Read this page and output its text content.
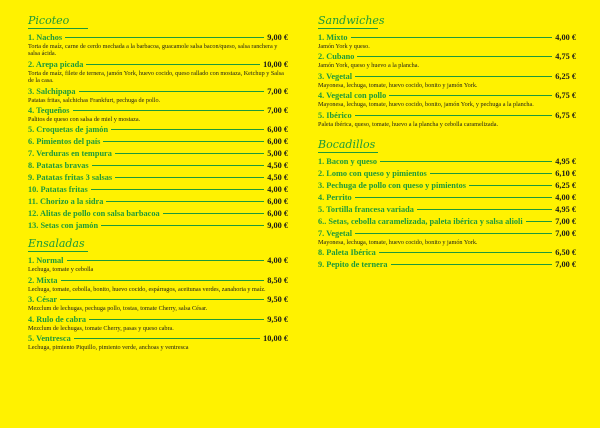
Picoteo
1. Nachos	9,00 €
Torta de maíz, carne de cerdo mechada a la barbacoa, guacamole salsa bacon/queso, salsa ranchera y salsa ácida.
2. Arepa picada	10,00 €
Torta de maíz, filete de ternera, jamón York, huevo cocido, queso rallado con mostaza, Ketchup y Salsa de la casa.
3. Salchipapa	7,00 €
Patatas fritas, salchichas Frankfurt, pechuga de pollo.
4. Tequeños	7,00 €
Palitos de queso con salsa de miel y mostaza.
5. Croquetas de jamón	6,00 €
6. Pimientos del país	6,00 €
7. Verduras en tempura	5,00 €
8. Patatas bravas	4,50 €
9. Patatas fritas 3 salsas	4,50 €
10. Patatas fritas	4,00 €
11. Chorizo a la sidra	6,00 €
12. Alitas de pollo con salsa barbacoa	6,00 €
13. Setas con jamón	9,00 €
Ensaladas
1. Normal	4,00 €
Lechuga, tomate y cebolla
2. Mixta	8,50 €
Lechuga, tomate, cebolla, bonito, huevo cocido, espárragos, aceitunas verdes, zanahoria y maíz.
3. César	9,50 €
Mezclum de lechugas, pechuga pollo, tostas, tomate Cherry, salsa César.
4. Rulo de cabra	9,50 €
Mezclum de lechugas, tomate Cherry, pasas y queso cabra.
5. Ventresca	10,00 €
Lechuga, pimiento Piquillo, pimiento verde, anchoas y ventresca
Sandwiches
1. Mixto	4,00 €
Jamón York y queso.
2. Cubano	4,75 €
Jamón York, queso y huevo a la plancha.
3. Vegetal	6,25 €
Mayonesa, lechuga, tomate, huevo cocido, bonito y jamón York.
4. Vegetal con pollo	6,75 €
Mayonesa, lechuga, tomate, huevo cocido, bonito, jamón York, y pechuga a la plancha.
5. Ibérico	6,75 €
Paleta ibérica, queso, tomate, huevo a la plancha y cebolla caramelizada.
Bocadillos
1. Bacon y queso	4,95 €
2. Lomo con queso y pimientos	6,10 €
3. Pechuga de pollo con queso y pimientos	6,25 €
4. Perrito	4,00 €
5. Tortilla francesa variada	4,95 €
6.. Setas, cebolla caramelizada, paleta ibérica y salsa alioli	7,00 €
7. Vegetal	7,00 €
Mayonesa, lechuga, tomate, huevo cocido, bonito y jamón York.
8. Paleta Ibérica	6,50 €
9. Pepito de ternera	7,00 €
